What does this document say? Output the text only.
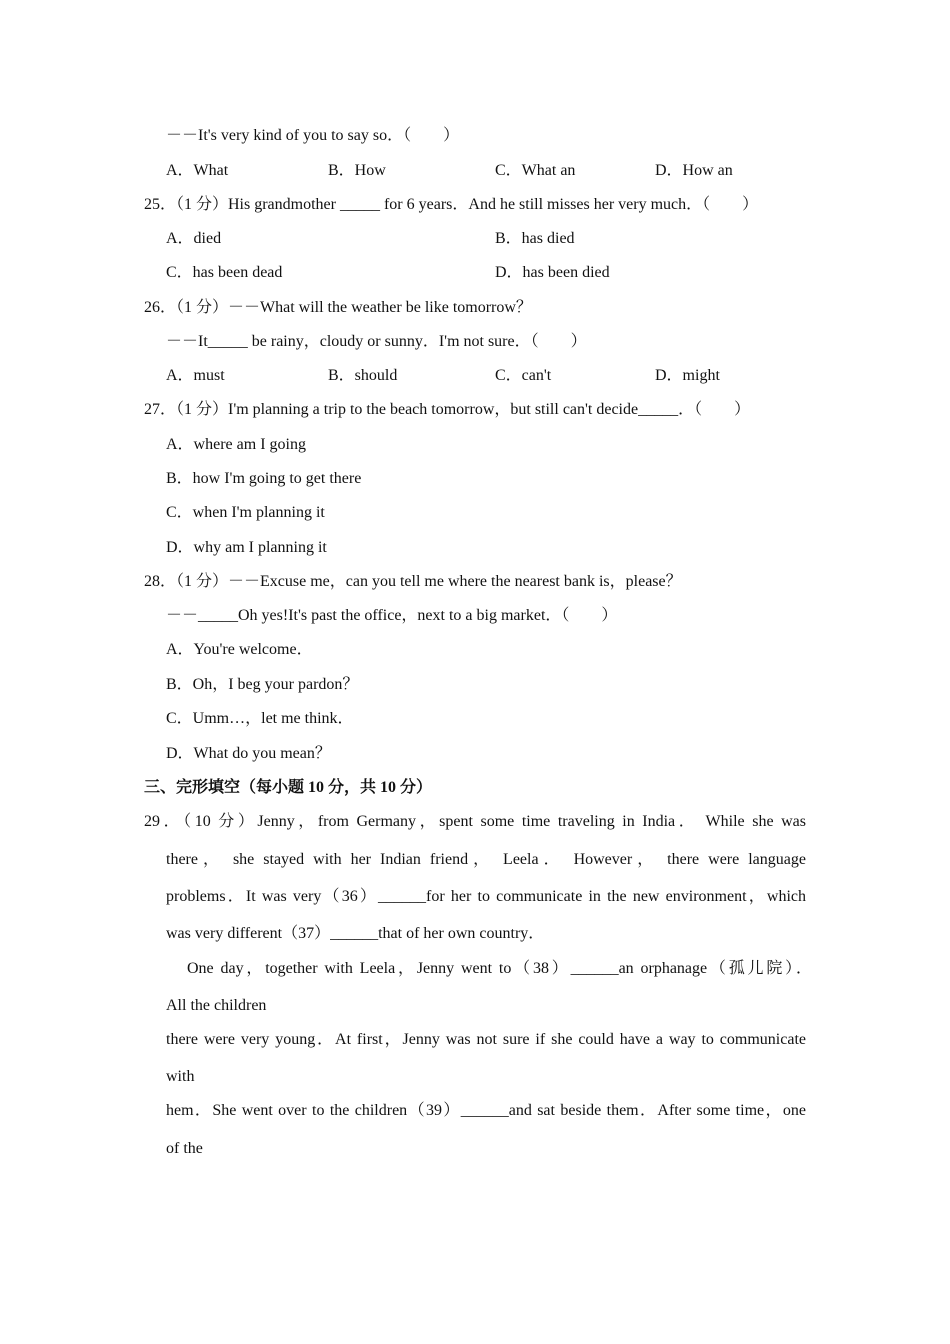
－－It's very kind of you to say so．（　　）
A．What	B．How	C．What an	D．How an
25．（1 分）His grandmother _____ for 6 years．And he still misses her very much．（　　）
A．died	B．has died
C．has been dead	D．has been died
26．（1 分）－－What will the weather be like tomorrow？
－－It_____ be rainy，cloudy or sunny．I'm not sure．（　　）
A．must	B．should	C．can't	D．might
27．（1 分）I'm planning a trip to the beach tomorrow，but still can't decide_____．（　　）
A．where am I going
B．how I'm going to get there
C．when I'm planning it
D．why am I planning it
28．（1 分）－－Excuse me，can you tell me where the nearest bank is，please？
－－_____Oh yes!It's past the office，next to a big market．（　　）
A．You're welcome．
B．Oh，I beg your pardon？
C．Umm…，let me think．
D．What do you mean？
三、完形填空（每小题 10 分，共 10 分）
29．（10 分）Jenny，from Germany，spent some time traveling in India． While she was
there， she stayed with her Indian friend， Leela． However， there were language
problems．It was very（36）______for her to communicate in the new environment，which
was very different（37）______that of her own country．
One day，together with Leela，Jenny went to（38）______an orphanage（孤儿院）．
All the children
there were very young．At first，Jenny was not sure if she could have a way to communicate
with
hem．She went over to the children（39）______and sat beside them．After some time，one
of the
